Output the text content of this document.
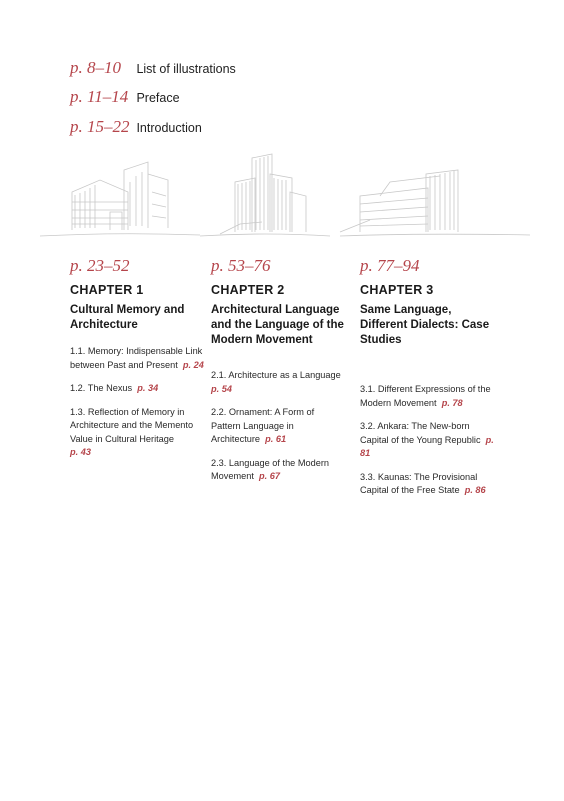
p. 8–10 List of illustrations
p. 11–14 Preface
p. 15–22 Introduction
p. 23–52
CHAPTER 1
Cultural Memory and Architecture
1.1. Memory: Indispensable Link between Past and Present p. 24
1.2. The Nexus p. 34
1.3. Reflection of Memory in Architecture and the Memento Value in Cultural Heritage
p. 43
p. 53–76
CHAPTER 2
Architectural Language and the Language of the Modern Movement
2.1. Architecture as a Language  p. 54
2.2. Ornament: A Form of Pattern Language in Architecture p. 61
2.3. Language of the Modern Movement p. 67
p. 77–94
CHAPTER 3
Same Language, Different Dialects: Case Studies
3.1. Different Expressions of the Modern Movement p. 78
3.2. Ankara: The New-born Capital of the Young Republic p. 81
3.3. Kaunas: The Provisional Capital of the Free State p. 86
